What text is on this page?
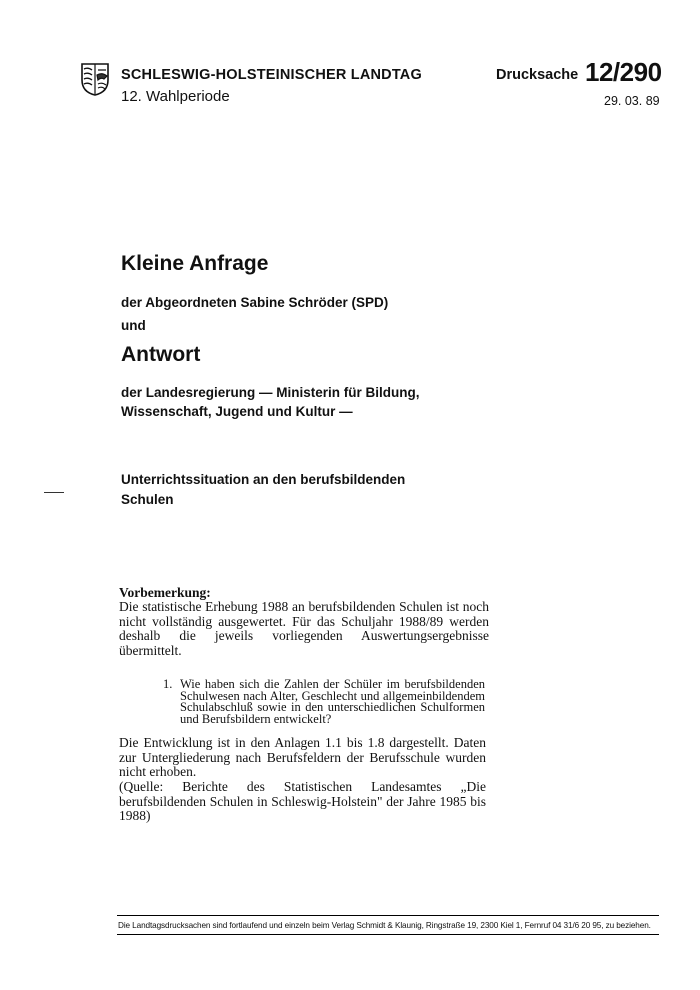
SCHLESWIG-HOLSTEINISCHER LANDTAG
12. Wahlperiode
Drucksache 12/290
29. 03. 89
Kleine Anfrage
der Abgeordneten Sabine Schröder (SPD)
und
Antwort
der Landesregierung — Ministerin für Bildung,
Wissenschaft, Jugend und Kultur —
Unterrichtssituation an den berufsbildenden
Schulen
Vorbemerkung:
Die statistische Erhebung 1988 an berufsbildenden Schulen ist noch nicht vollständig ausgewertet. Für das Schuljahr 1988/89 werden deshalb die jeweils vorliegenden Auswertungsergebnisse übermittelt.
1. Wie haben sich die Zahlen der Schüler im berufsbildenden Schulwesen nach Alter, Geschlecht und allgemeinbildendem Schulabschluß sowie in den unterschiedlichen Schulformen und Berufsbildern entwickelt?
Die Entwicklung ist in den Anlagen 1.1 bis 1.8 dargestellt. Daten zur Untergliederung nach Berufsfeldern der Berufsschule wurden nicht erhoben.
(Quelle: Berichte des Statistischen Landesamtes „Die berufsbildenden Schulen in Schleswig-Holstein" der Jahre 1985 bis 1988)
Die Landtagsdrucksachen sind fortlaufend und einzeln beim Verlag Schmidt & Klaunig, Ringstraße 19, 2300 Kiel 1, Fernruf 04 31/6 20 95, zu beziehen.
